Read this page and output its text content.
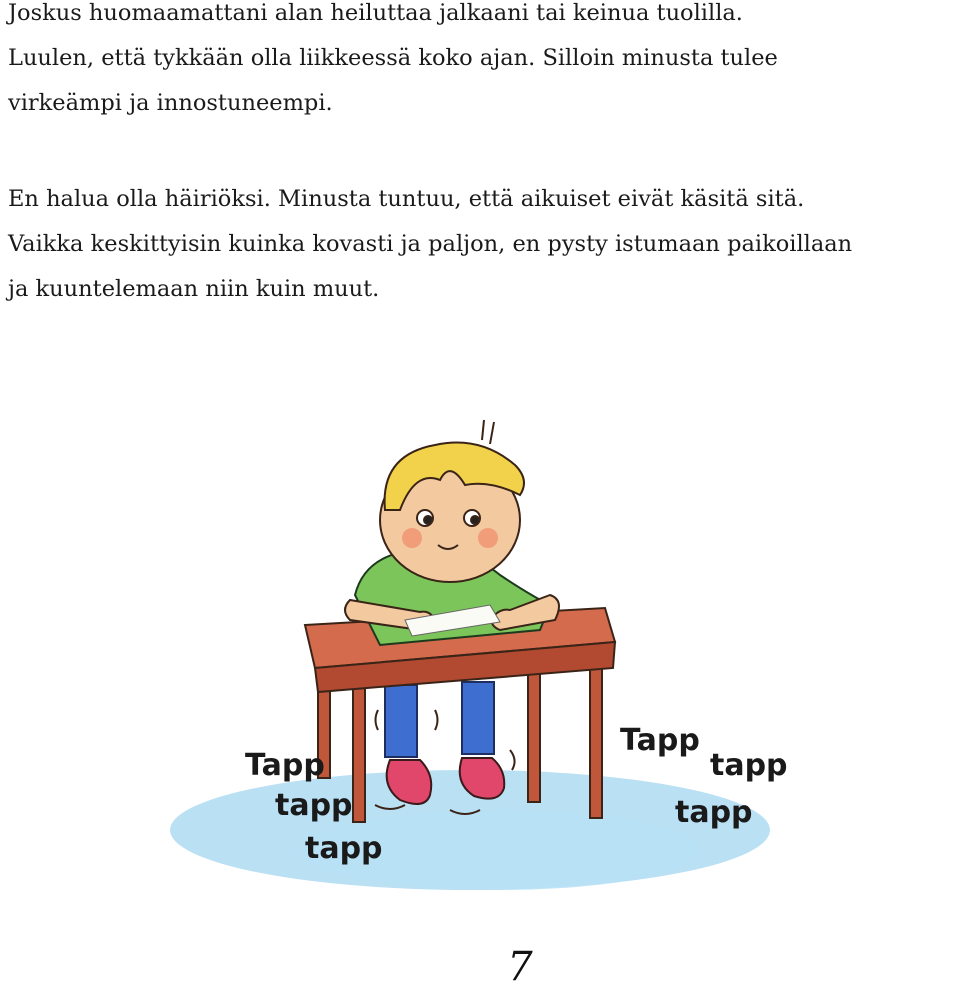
Joskus huomaamattani alan heiluttaa jalkaani tai keinua tuolilla.
Luulen, että tykkään olla liikkeessä koko ajan. Silloin minusta tulee
virkeämpi ja innostuneempi.

En halua olla häiriöksi. Minusta tuntuu, että aikuiset eivät käsitä sitä.
Vaikka keskittyisin kuinka kovasti ja paljon, en pysty istumaan paikoillaan
ja kuuntelemaan niin kuin muut.

Tapp
tapp
tapp
Tapp
tapp
tapp
7
